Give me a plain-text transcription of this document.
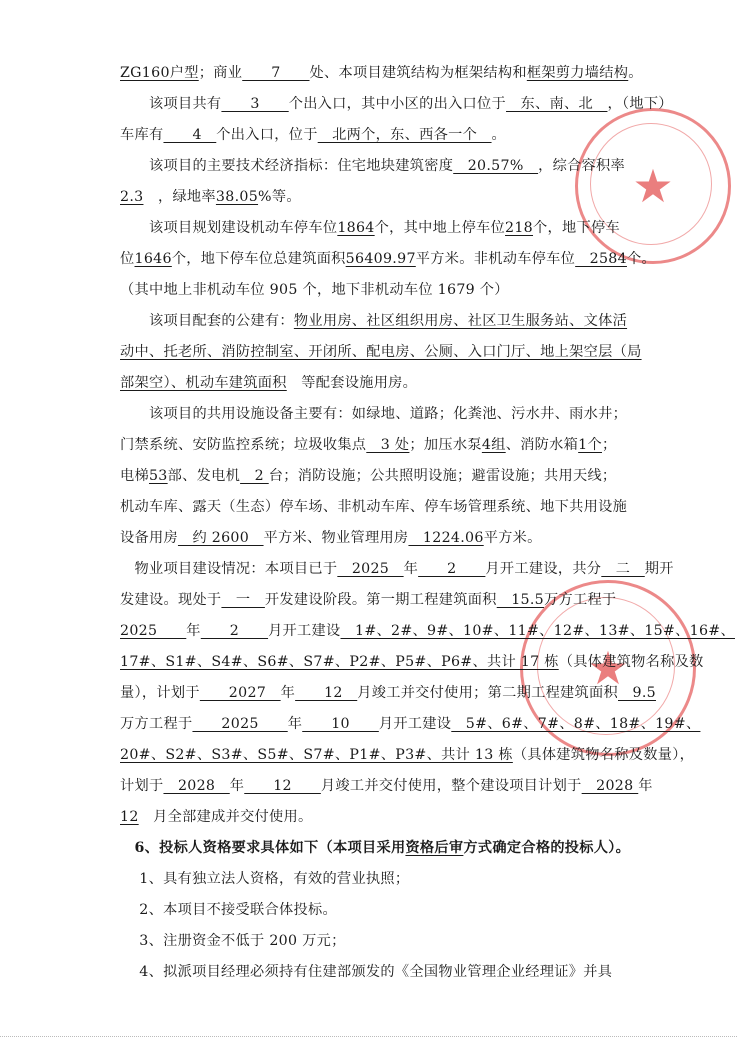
★
★
ZG160户型；商业　　7　　处、本项目建筑结构为框架结构和框架剪力墙结构。
　　该项目共有　　3　　个出入口，其中小区的出入口位于　东、南、北　，（地下）
车库有　　4　个出入口，位于　北两个，东、西各一个　。
　　该项目的主要技术经济指标：住宅地块建筑密度　20.57%　，综合容积率
2.3　，绿地率38.05%等。
　　该项目规划建设机动车停车位1864个，其中地上停车位218个，地下停车
位1646个，地下停车位总建筑面积56409.97平方米。非机动车停车位　2584个。
（其中地上非机动车位 905 个，地下非机动车位 1679 个）
　　该项目配套的公建有：物业用房、社区组织用房、社区卫生服务站、文体活
动中、托老所、消防控制室、开闭所、配电房、公厕、入口门厅、地上架空层（局
部架空）、机动车建筑面积　等配套设施用房。
　　该项目的共用设施设备主要有：如绿地、道路；化粪池、污水井、雨水井；
门禁系统、安防监控系统；垃圾收集点　3 处；加压水泵4组、消防水箱1个；
电梯53部、发电机　2 台；消防设施；公共照明设施；避雷设施；共用天线；
机动车库、露天（生态）停车场、非机动车库、停车场管理系统、地下共用设施
设备用房　约 2600　平方米、物业管理用房　1224.06平方米。
　物业项目建设情况：本项目已于　2025　年　　2　　月开工建设，共分　二　期开
发建设。现处于　一　开发建设阶段。第一期工程建筑面积　15.5万方工程于
2025　　年　　2　　月开工建设　1#、2#、9#、10#、11#、12#、13#、15#、16#、
17#、S1#、S4#、S6#、S7#、P2#、P5#、P6#、共计 17 栋（具体建筑物名称及数
量），计划于　　2027　年　　12　月竣工并交付使用；第二期工程建筑面积　9.5
万方工程于　　2025　　年　　10　　月开工建设　5#、6#、7#、8#、18#、19#、
20#、S2#、S3#、S5#、S7#、P1#、P3#、共计 13 栋（具体建筑物名称及数量），
计划于　2028　年　　12　　月竣工并交付使用，整个建设项目计划于　2028 年
12　月全部建成并交付使用。
　6、投标人资格要求具体如下（本项目采用资格后审方式确定合格的投标人）。
　 1、具有独立法人资格，有效的营业执照；
　 2、本项目不接受联合体投标。
　 3、注册资金不低于 200 万元；
　 4、拟派项目经理必须持有住建部颁发的《全国物业管理企业经理证》并具
